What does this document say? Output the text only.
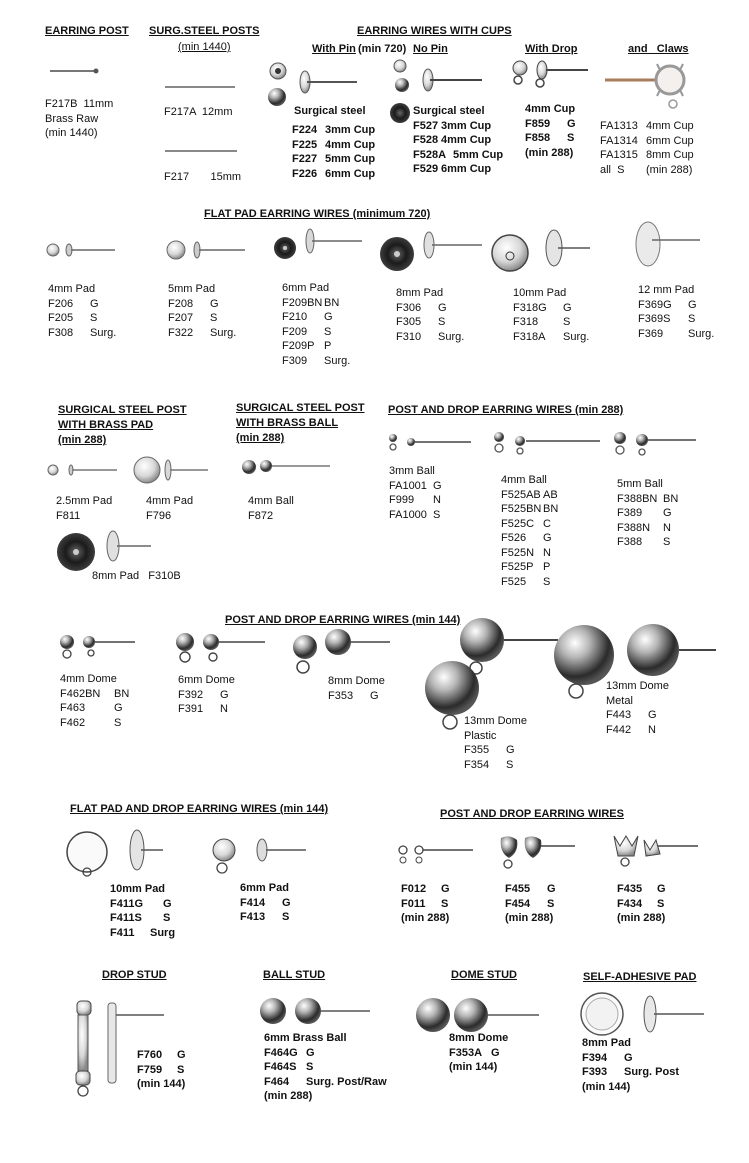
EARRING POST
F217B  11mm
Brass Raw
(min 1440)
SURG.STEEL POSTS
(min 1440)
F217A  12mm
F217       15mm
EARRING WIRES WITH CUPS
With Pin (min 720) No Pin	With Drop	and   Claws
Surgical steel
F224 3mm Cup
F225 4mm Cup
F227 5mm Cup
F226 6mm Cup
Surgical steel
F527 3mm Cup
F528 4mm Cup
F528A 5mm Cup
F529 6mm Cup
4mm Cup
F859	G
F858	S
(min 288)
FA1313 4mm Cup
FA1314 6mm Cup
FA1315 8mm Cup
all  S	(min 288)
FLAT PAD EARRING WIRES (minimum 720)
4mm Pad
F206	G
F205	S
F308	Surg.
5mm Pad
F208	G
F207	S
F322	Surg.
6mm Pad
F209BN BN
F210	G
F209	S
F209P P
F309	Surg.
8mm Pad
F306	G
F305	S
F310	Surg.
10mm Pad
F318G	G
F318	S
F318A	Surg.
12 mm Pad
F369G	G
F369S	S
F369	Surg.
SURGICAL STEEL POST
WITH BRASS PAD
(min 288)
2.5mm Pad
F811
4mm Pad
F796
8mm Pad   F310B
SURGICAL STEEL POST
WITH BRASS BALL
(min 288)
4mm Ball
F872
POST AND DROP EARRING WIRES (min 288)
3mm Ball
FA1001 G
F999	N
FA1000 S
4mm Ball
F525AB AB
F525BN BN
F525C C
F526	G
F525N N
F525P P
F525	S
5mm Ball
F388BN BN
F389	G
F388N	N
F388	S
POST AND DROP EARRING WIRES (min 144)
4mm Dome
F462BN	BN
F463	G
F462	S
6mm Dome
F392	G
F391	N
8mm Dome
F353	G
13mm Dome
Plastic
F355	G
F354	S
13mm Dome
Metal
F443	G
F442	N
FLAT PAD AND DROP EARRING WIRES (min 144)
10mm Pad
F411G	G
F411S	S
F411	Surg
6mm Pad
F414	G
F413	S
POST AND DROP EARRING WIRES
F012	G
F011	S
(min 288)
F455	G
F454	S
(min 288)
F435	G
F434	S
(min 288)
DROP STUD
F760	G
F759	S
(min 144)
BALL STUD
6mm Brass Ball
F464G G
F464S S
F464	Surg. Post/Raw
(min 288)
DOME STUD
8mm Dome
F353A G
(min 144)
SELF-ADHESIVE PAD
8mm Pad
F394	G
F393	Surg. Post
(min 144)
